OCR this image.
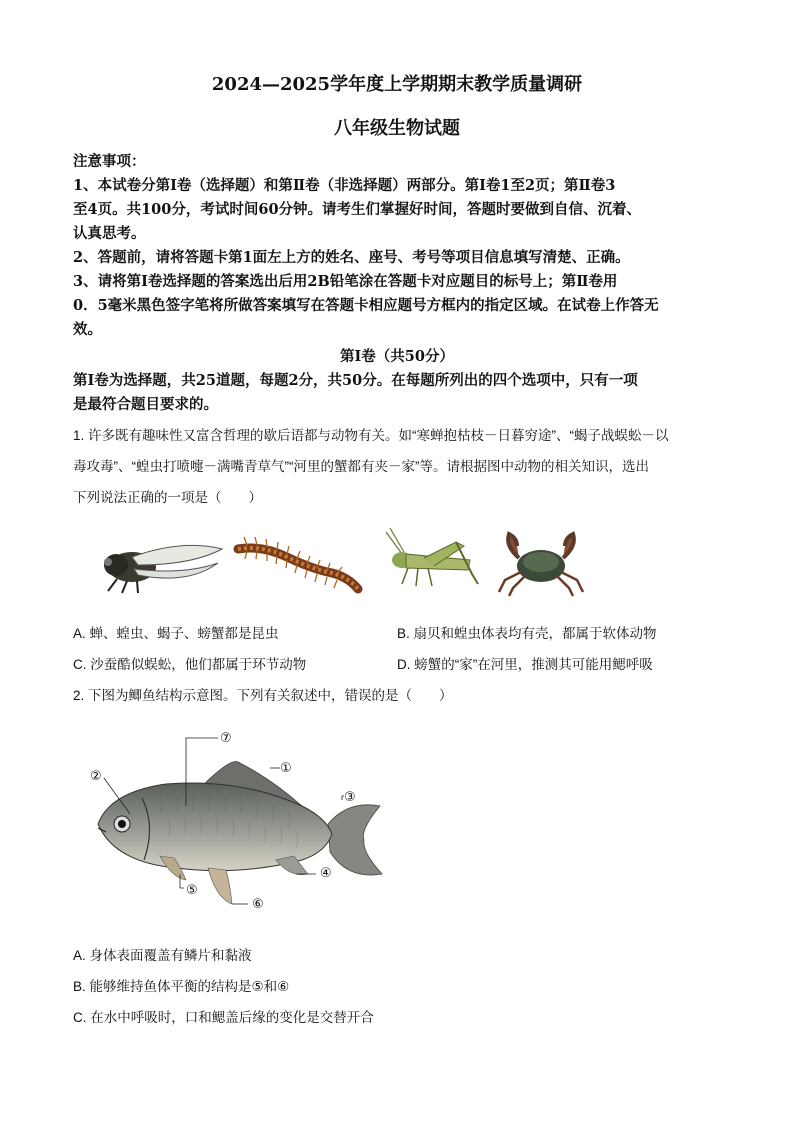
2024—2025学年度上学期期末教学质量调研
八年级生物试题
注意事项：
1、本试卷分第Ⅰ卷（选择题）和第Ⅱ卷（非选择题）两部分。第Ⅰ卷1至2页；第Ⅱ卷3
至4页。共100分，考试时间60分钟。请考生们掌握好时间，答题时要做到自信、沉着、
认真思考。
2、答题前，请将答题卡第1面左上方的姓名、座号、考号等项目信息填写清楚、正确。
3、请将第Ⅰ卷选择题的答案选出后用2B铅笔涂在答题卡对应题目的标号上；第Ⅱ卷用
0．5毫米黑色签字笔将所做答案填写在答题卡相应题号方框内的指定区域。在试卷上作答无
效。
第Ⅰ卷（共50分）
第Ⅰ卷为选择题，共25道题，每题2分，共50分。在每题所列出的四个选项中，只有一项
是最符合题目要求的。
1. 许多既有趣味性又富含哲理的歇后语都与动物有关。如“寒蝉抱枯枝－日暮穷途”、“蝎子战蜈蚣－以
毒攻毒”、“蝗虫打喷嚏－满嘴青草气”“河里的蟹都有夹－家”等。请根据图中动物的相关知识，选出
下列说法正确的一项是（　　）
A. 蝉、蝗虫、蝎子、螃蟹都是昆虫	B. 扇贝和蝗虫体表均有壳，都属于软体动物
C. 沙蚕酷似蜈蚣，他们都属于环节动物	D. 螃蟹的“家”在河里，推测其可能用鳃呼吸
2. 下图为鲫鱼结构示意图。下列有关叙述中，错误的是（　　）
⑦
①
②
③
④
⑤
⑥
A. 身体表面覆盖有鳞片和黏液
B. 能够维持鱼体平衡的结构是⑤和⑥
C. 在水中呼吸时，口和鳃盖后缘的变化是交替开合
